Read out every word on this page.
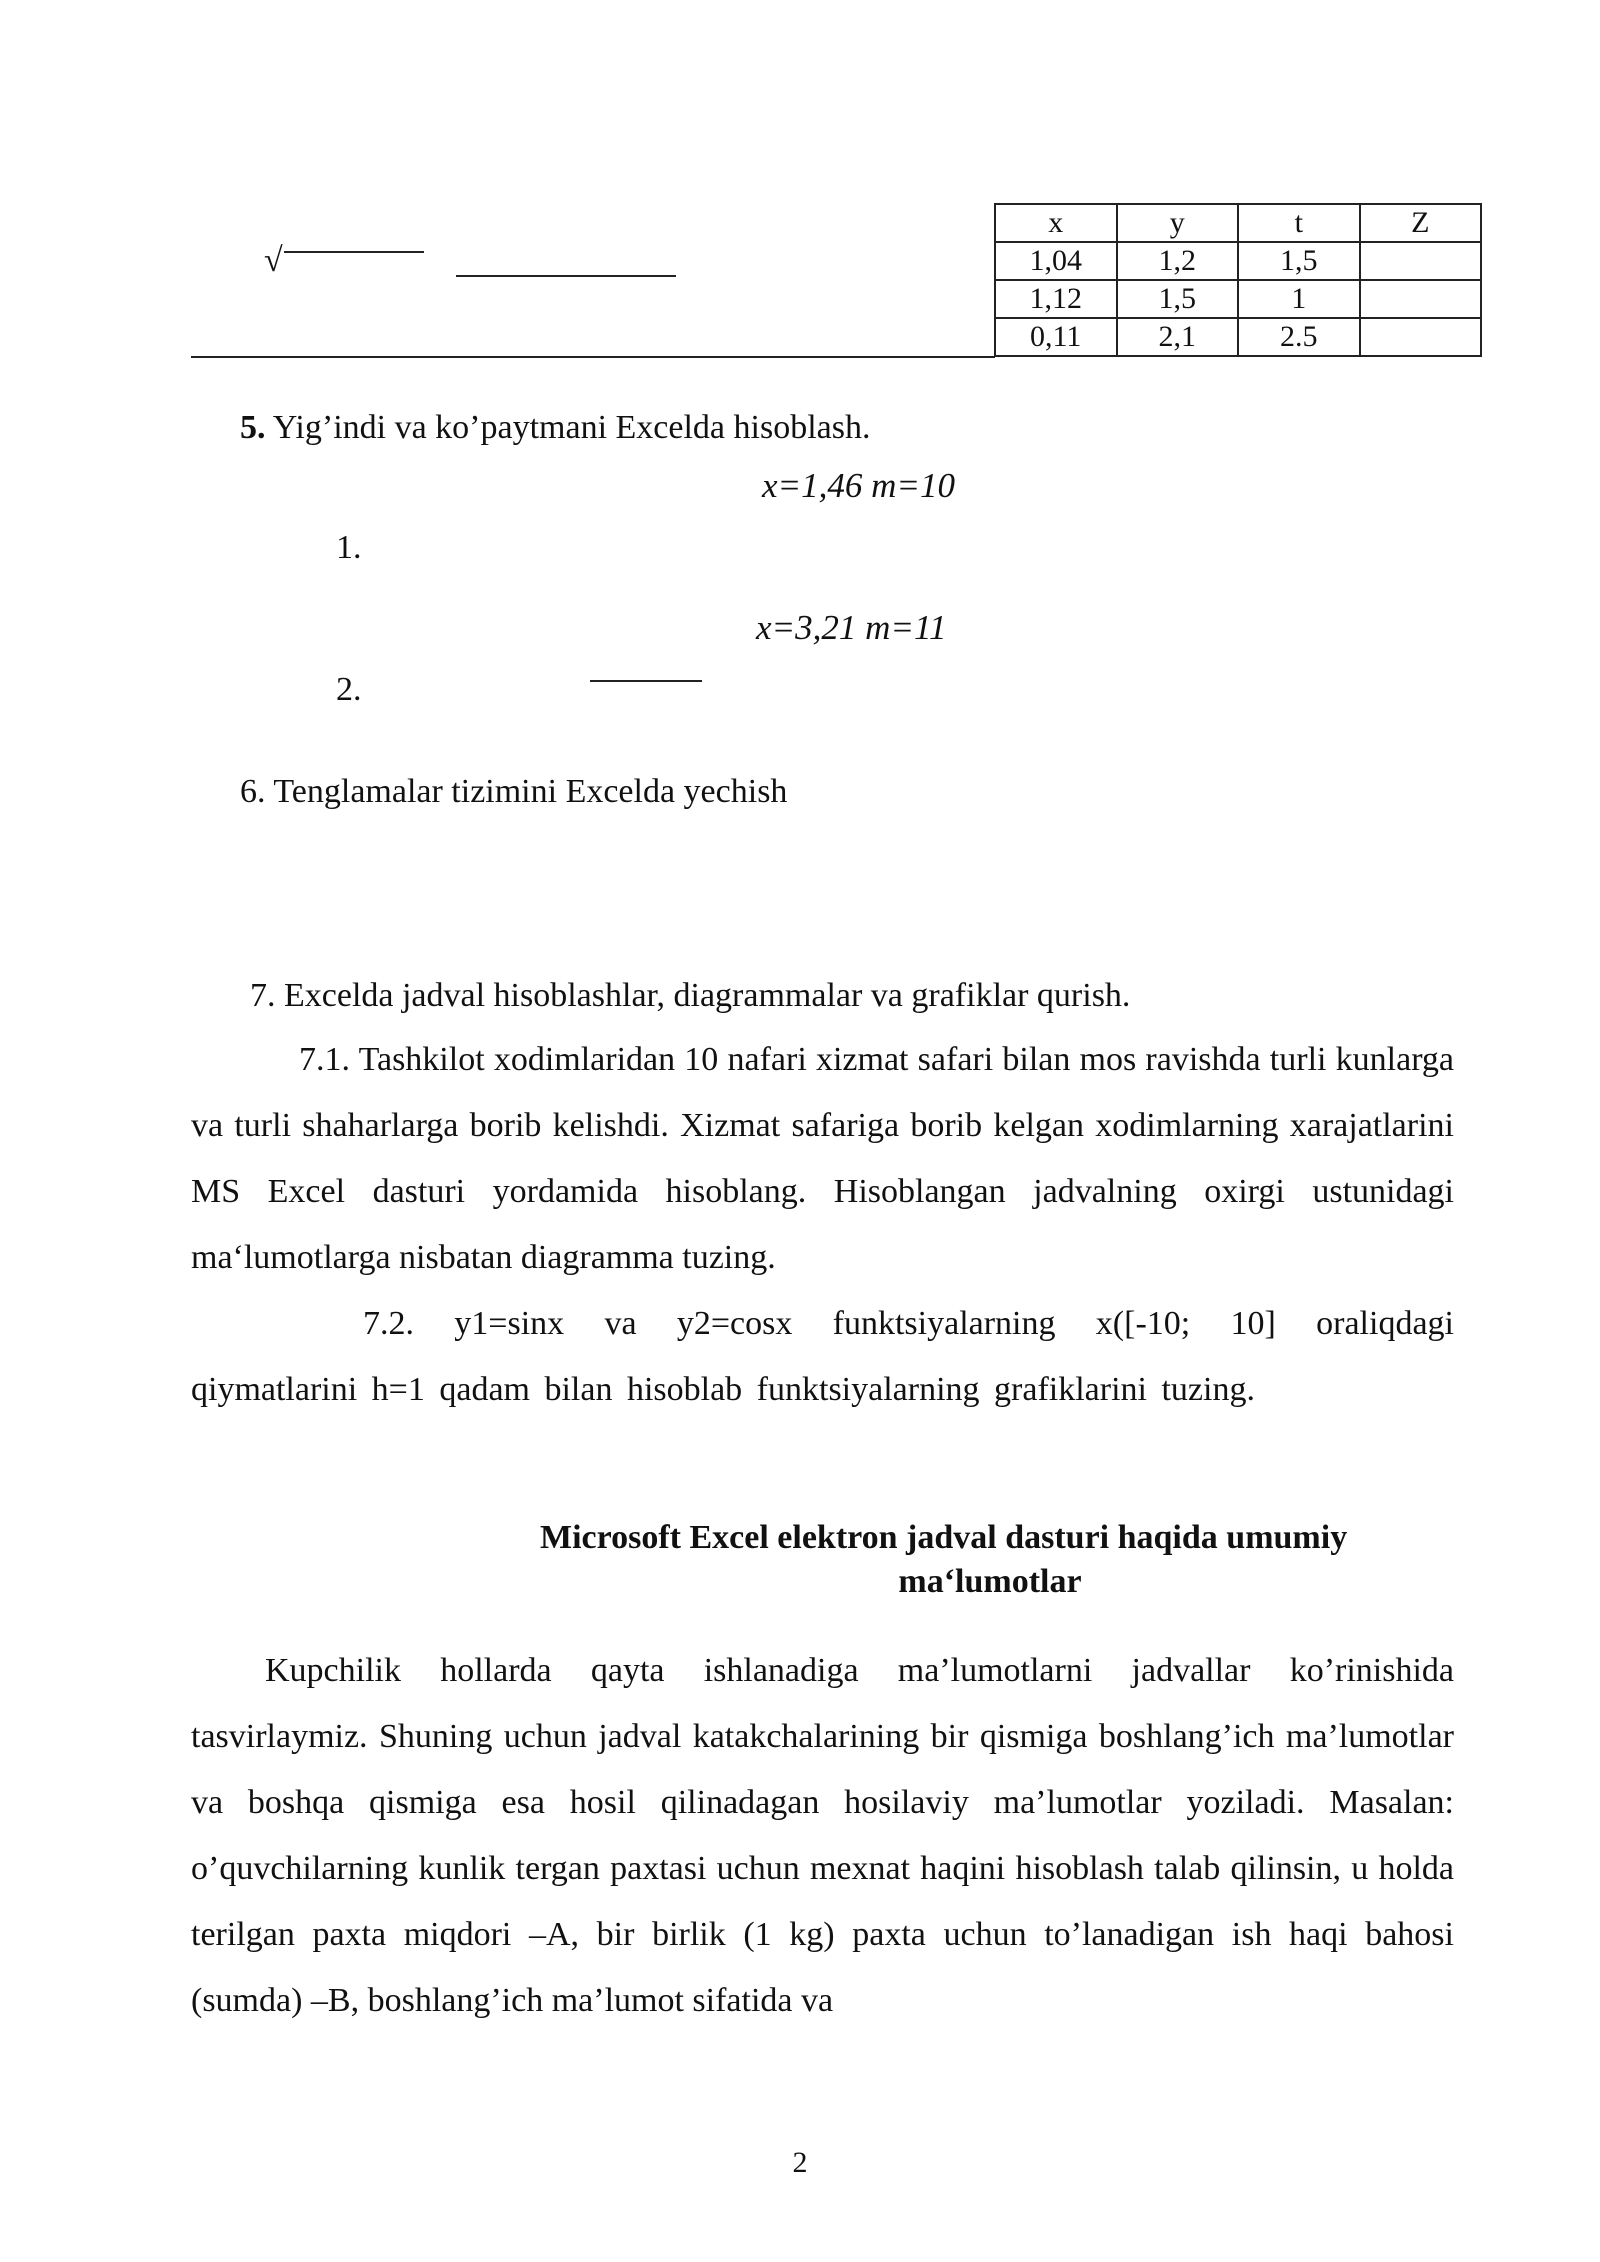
√
x	y	t	Z
1,04	1,2	1,5	
1,12	1,5	1	
0,11	2,1	2.5	
5. Yig’indi va ko’paytmani Excelda hisoblash.
x=1,46 m=10
1.
x=3,21 m=11
2.
6. Tenglamalar tizimini Excelda yechish
7. Excelda jadval hisoblashlar, diagrammalar va grafiklar qurish.

7.1. Tashkilot xodimlaridan 10 nafari xizmat safari bilan mos ravishda turli kunlarga va turli shaharlarga borib kelishdi. Xizmat safariga borib kelgan xodimlarning xarajatlarini MS Excel dasturi yordamida hisoblang. Hisoblangan jadvalning oxirgi ustunidagi ma‘lumotlarga nisbatan diagramma tuzing.

7.2. y1=sinx va y2=cosx funktsiyalarning x([-10; 10] oraliqdagi qiymatlarini h=1 qadam bilan hisoblab funktsiyalarning grafiklarini tuzing.

Microsoft Excel elektron jadval dasturi haqida umumiy
ma‘lumotlar

Kupchilik hollarda qayta ishlanadiga ma’lumotlarni jadvallar ko’rinishida tasvirlaymiz. Shuning uchun jadval katakchalarining bir qismiga boshlang’ich ma’lumotlar va boshqa qismiga esa hosil qilinadagan hosilaviy ma’lumotlar yoziladi. Masalan: o’quvchilarning kunlik tergan paxtasi uchun mexnat haqini hisoblash talab qilinsin, u holda terilgan paxta miqdori –A, bir birlik (1 kg) paxta uchun to’lanadigan ish haqi bahosi (sumda) –B, boshlang’ich ma’lumot sifatida va

2
